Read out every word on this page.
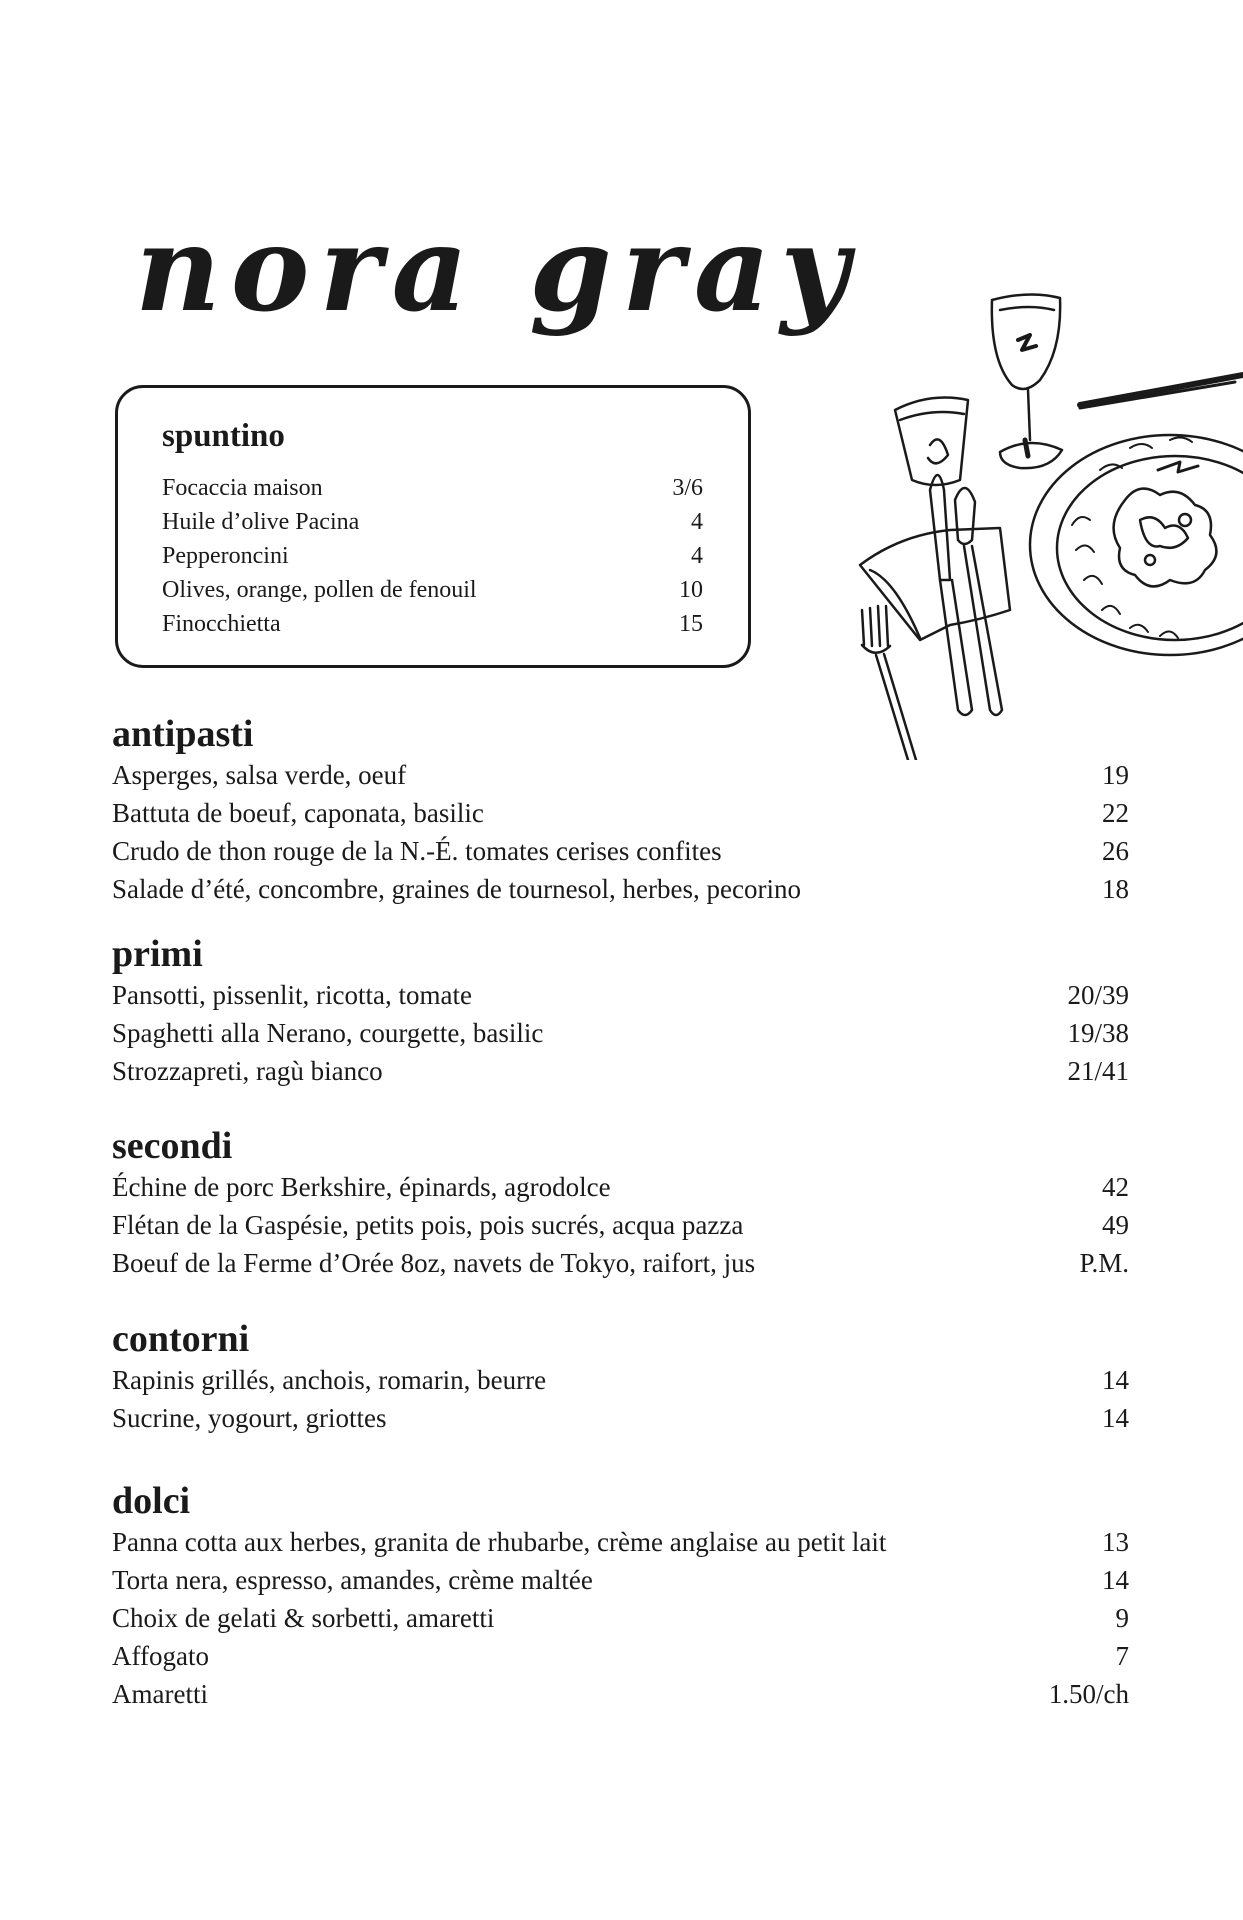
nora gray
spuntino
Focaccia maison	3/6
Huile d’olive Pacina	4
Pepperoncini	4
Olives, orange, pollen de fenouil	10
Finocchietta	15
antipasti
Asperges, salsa verde, oeuf	19
Battuta de boeuf, caponata, basilic	22
Crudo de thon rouge de la N.-É. tomates cerises confites	26
Salade d’été, concombre, graines de tournesol, herbes, pecorino	18
primi
Pansotti, pissenlit, ricotta, tomate	20/39
Spaghetti alla Nerano, courgette, basilic	19/38
Strozzapreti, ragù bianco	21/41
secondi
Échine de porc Berkshire, épinards, agrodolce	42
Flétan de la Gaspésie, petits pois, pois sucrés, acqua pazza	49
Boeuf de la Ferme d’Orée 8oz, navets de Tokyo, raifort, jus	P.M.
contorni
Rapinis grillés, anchois, romarin, beurre	14
Sucrine, yogourt, griottes	14
dolci
Panna cotta aux herbes, granita de rhubarbe, crème anglaise au petit lait	13
Torta nera, espresso, amandes, crème maltée	14
Choix de gelati & sorbetti, amaretti	9
Affogato	7
Amaretti	1.50/ch
